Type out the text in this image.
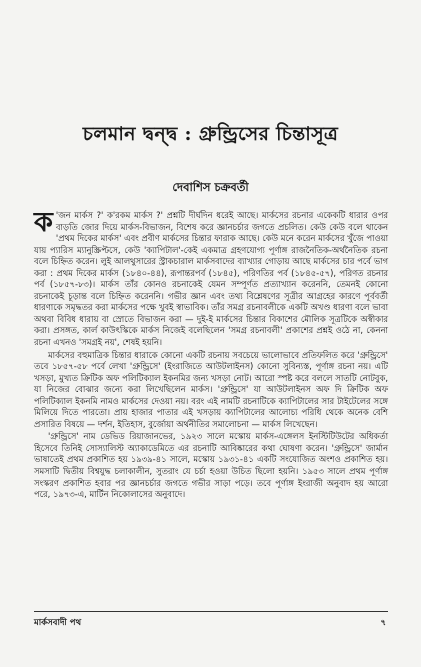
চলমান দ্বন্দ্ব : গ্রুন্ড্রিসের চিন্তাসূত্র
দেবাশিস চক্রবর্তী

ক 'জন মার্কস ?' ক'রকম মার্কস ?' প্রশ্নটি দীর্ঘদিন ধরেই আছে। মার্কসের রচনার একেকটি ধারার ওপর বাড়তি জোর দিয়ে মার্কস-বিভাজন, বিশেষ করে জ্ঞানচর্চার জগতে প্রচলিত। কেউ কেউ বলে থাকেন 'প্রথম দিকের মার্কস' এবং প্রবীণ মার্কসের চিন্তার ফারাক আছে। কেউ মনে করেন মার্কসের খুঁজে পাওয়া যায় প্যারিস ম্যানুস্ক্রিপ্টসে, কেউ 'ক্যাপিটাল'-কেই একমাত্র গ্রহণযোগ্য পূর্ণাঙ্গ রাজনৈতিক-অর্থনৈতিক রচনা বলে চিহ্নিত করেন। লুই আলথুসারের স্ট্রাকচারাল মার্কসবাদের ব্যাখ্যার গোড়ায় আছে মার্কসের চার পর্বে ভাগ করা : প্রথম দিকের মার্কস (১৮৪০-৪৪), রূপান্তরপর্ব (১৮৪৫), পরিণতির পর্ব (১৮৪৫-৫৭), পরিণত রচনার পর্ব (১৮৫৭-৮৩)। মার্কস তাঁর কোনও রচনাকেই যেমন সম্পূর্ণত প্রত্যাখ্যান করেননি, তেমনই কোনো রচনাকেই চূড়ান্ত বলে চিহ্নিত করেননি। গভীর জ্ঞান এবং তথ্য বিশ্লেষণের সূত্রীর আগ্রহের কারণে পূর্ববর্তী ধারণাকে সমৃদ্ধতর করা মার্কসের পক্ষে খুবই স্বাভাবিক। তাঁর সমগ্র রচনাবলীকে একটি অখণ্ড ধারণা বলে ভাবা অথবা বিবিধ ধারায় বা স্রোতে বিভাজন করা — দুই-ই মার্কসের চিন্তার বিকাশের মৌলিক সূত্রটিকে অস্বীকার করা। প্রসঙ্গত, কার্ল কাউৎস্কিকে মার্কস নিজেই বলেছিলেন 'সমগ্র রচনাবলী' প্রকাশের প্রশ্নই ওঠে না, কেননা রচনা এখনও 'সমগ্রই নয়', শেষই হয়নি।

মার্কসের বহুমাত্রিক চিন্তার ধারাকে কোনো একটি রচনায় সবচেয়ে ভালোভাবে প্রতিফলিত করে 'গ্রুন্ড্রিসে' তবে ১৮৫৭-৫৮ পর্বে লেখা 'গ্রুন্ড্রিসে' (ইংরাজিতে আউটলাইনস) কোনো সুবিন্যস্ত, পূর্ণাঙ্গ রচনা নয়। এটি খসড়া, মুখ্যত ক্রিটিক অফ পলিটিক্যাল ইকনমির জন্য খসড়া নোট। আরো স্পষ্ট করে বললে সাতটি নোটবুক, যা নিজের বোঝার জন্যে করা লিখেছিলেন মার্কস। 'গ্রুন্ড্রিসে' যা আউটলাইনস অফ দি ক্রিটিক অফ পলিটিক্যাল ইকনমি নামও মার্কসের দেওয়া নয়। বরং এই নামটি রচনাটিকে ক্যাপিটালের সার টাইটেলের সঙ্গে মিলিয়ে দিতে পারতো। প্রায় হাজার পাতার এই খসড়ায় ক্যাপিটালের আলোচ্য পরিধি থেকে অনেক বেশি প্রসারিত বিষয়ে — দর্শন, ইতিহাস, বুর্জোয়া অর্থনীতির সমালোচনা — মার্কস লিখেছেন।

'গ্রুন্ড্রিসে' নাম ডেভিড রিয়াজানভের, ১৯২৩ সালে মস্কোয় মার্কস-এঙ্গেলস ইনস্টিটিউটের অধিকর্তা হিসেবে তিনিই সোস্যালিস্ট অ্যাকাডেমিতে এর রচনাটি আবিষ্কারের কথা ঘোষণা করেন। 'গ্রুন্ড্রিসে' জার্মান ভাষাতেই প্রথম প্রকাশিত হয় ১৯৩৯-৪১ সালে, মস্কোয় ১৯৩১-৪১ একটি সংযোজিত অংশও প্রকাশিত হয়। সমসাটি দ্বিতীয় বিশ্বযুদ্ধ চলাকালীন, সুতরাং যে চর্চা হওয়া উচিত ছিলো হয়নি। ১৯৫৩ সালে প্রথম পূর্ণাঙ্গ সংস্করণ প্রকাশিত হবার পর জ্ঞানচর্চার জগতে গভীর সাড়া পড়ে। তবে পূর্ণাঙ্গ ইংরাজী অনুবাদ হয় আরো পরে, ১৯৭৩-এ, মার্টিন নিকোলাসের অনুবাদে।

মার্কসবাদী পথ	৭
